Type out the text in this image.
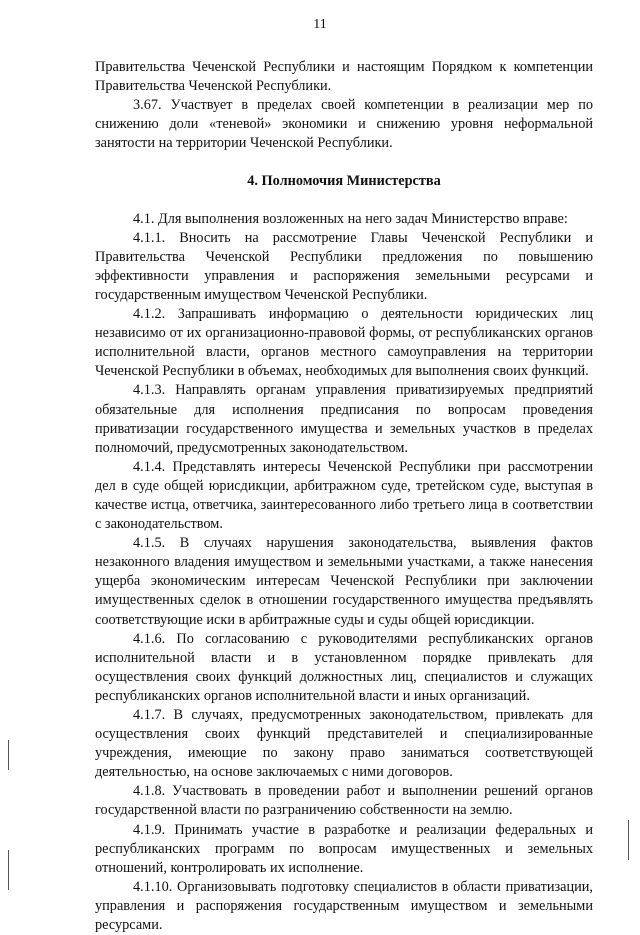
11

Правительства Чеченской Республики и настоящим Порядком к компетенции Правительства Чеченской Республики.

3.67. Участвует в пределах своей компетенции в реализации мер по снижению доли «теневой» экономики и снижению уровня неформальной занятости на территории Чеченской Республики.

4. Полномочия Министерства

4.1. Для выполнения возложенных на него задач Министерство вправе:

4.1.1. Вносить на рассмотрение Главы Чеченской Республики и Правительства Чеченской Республики предложения по повышению эффективности управления и распоряжения земельными ресурсами и государственным имуществом Чеченской Республики.

4.1.2. Запрашивать информацию о деятельности юридических лиц независимо от их организационно-правовой формы, от республиканских органов исполнительной власти, органов местного самоуправления на территории Чеченской Республики в объемах, необходимых для выполнения своих функций.

4.1.3. Направлять органам управления приватизируемых предприятий обязательные для исполнения предписания по вопросам проведения приватизации государственного имущества и земельных участков в пределах полномочий, предусмотренных законодательством.

4.1.4. Представлять интересы Чеченской Республики при рассмотрении дел в суде общей юрисдикции, арбитражном суде, третейском суде, выступая в качестве истца, ответчика, заинтересованного либо третьего лица в соответствии с законодательством.

4.1.5. В случаях нарушения законодательства, выявления фактов незаконного владения имуществом и земельными участками, а также нанесения ущерба экономическим интересам Чеченской Республики при заключении имущественных сделок в отношении государственного имущества предъявлять соответствующие иски в арбитражные суды и суды общей юрисдикции.

4.1.6. По согласованию с руководителями республиканских органов исполнительной власти и в установленном порядке привлекать для осуществления своих функций должностных лиц, специалистов и служащих республиканских органов исполнительной власти и иных организаций.

4.1.7. В случаях, предусмотренных законодательством, привлекать для осуществления своих функций представителей и специализированные учреждения, имеющие по закону право заниматься соответствующей деятельностью, на основе заключаемых с ними договоров.

4.1.8. Участвовать в проведении работ и выполнении решений органов государственной власти по разграничению собственности на землю.

4.1.9. Принимать участие в разработке и реализации федеральных и республиканских программ по вопросам имущественных и земельных отношений, контролировать их исполнение.

4.1.10. Организовывать подготовку специалистов в области приватизации, управления и распоряжения государственным имуществом и земельными ресурсами.
